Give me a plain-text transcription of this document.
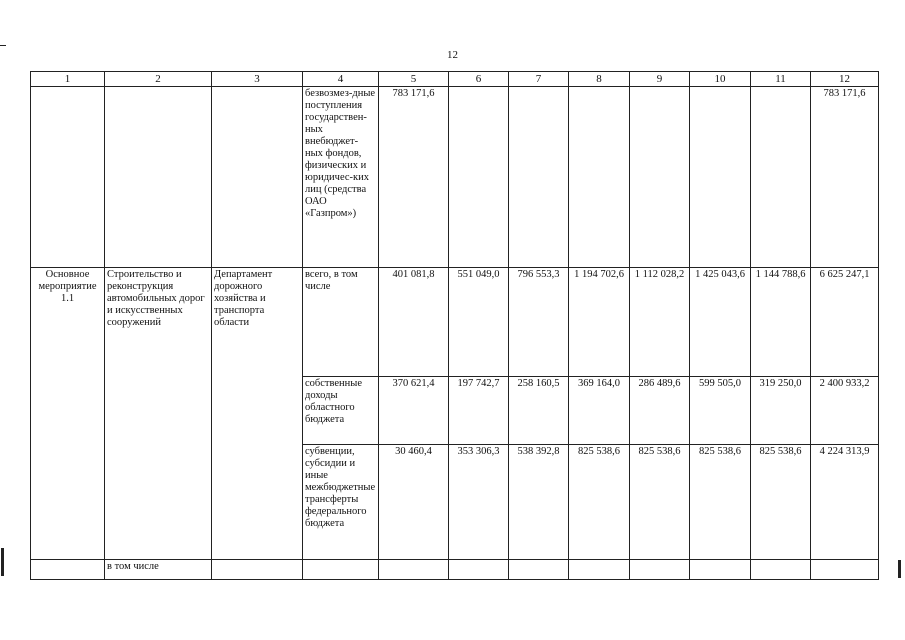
12
1	2	3	4	5	6	7	8	9	10	11	12
			безвозмез-дные поступления государствен-ных внебюджет-ных фондов, физических и юридичес-ких лиц (средства ОАО «Газпром»)	783 171,6							783 171,6
Основное мероприятие 1.1	Строительство и реконструкция автомобильных дорог и искусственных сооружений	Департамент дорожного хозяйства и транспорта области	всего, в том числе	401 081,8	551 049,0	796 553,3	1 194 702,6	1 112 028,2	1 425 043,6	1 144 788,6	6 625 247,1
			собственные доходы областного бюджета	370 621,4	197 742,7	258 160,5	369 164,0	286 489,6	599 505,0	319 250,0	2 400 933,2
			субвенции, субсидии и иные межбюджетные трансферты федерального бюджета	30 460,4	353 306,3	538 392,8	825 538,6	825 538,6	825 538,6	825 538,6	4 224 313,9
	в том числе										
